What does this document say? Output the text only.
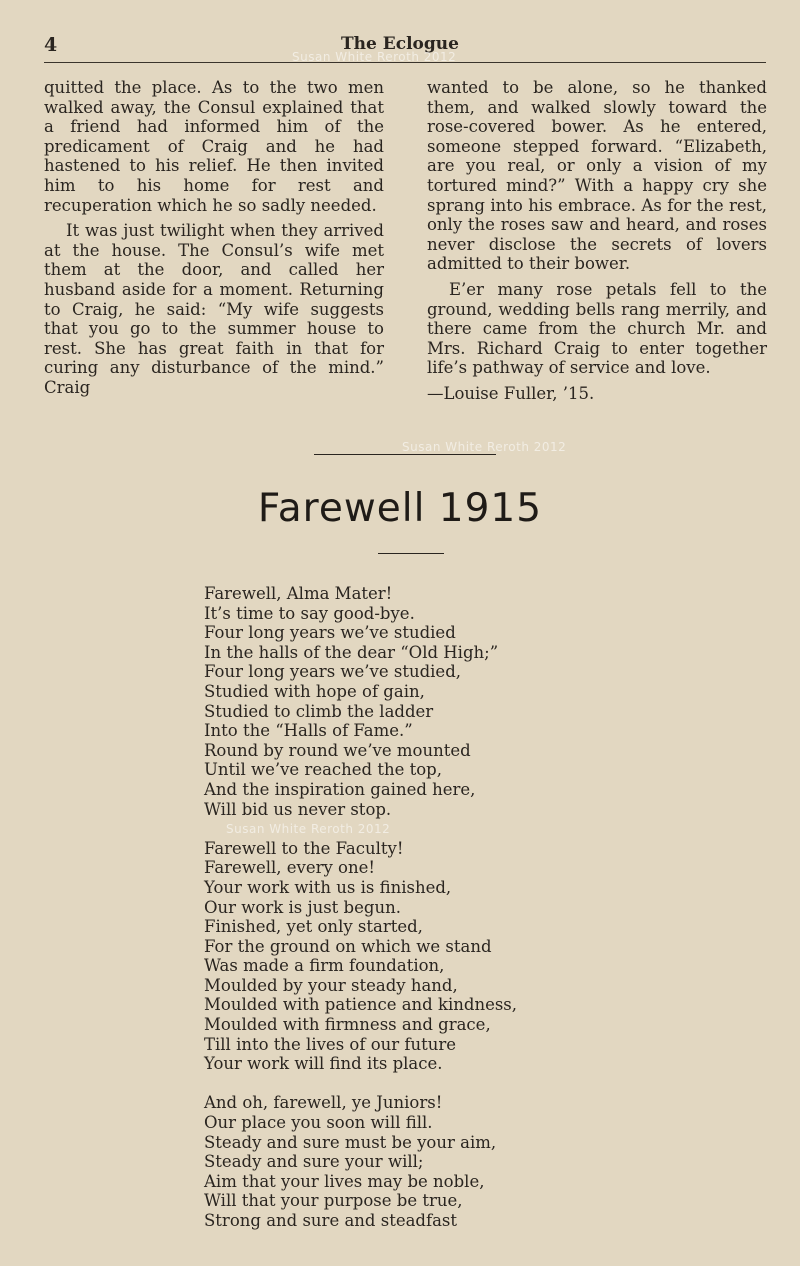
4	The Eclogue
Susan White Reroth 2012
Susan White Reroth 2012
Susan White Reroth 2012

quitted the place. As to the two men walked away, the Consul explained that a friend had informed him of the predicament of Craig and he had hastened to his relief. He then invited him to his home for rest and recuperation which he so sadly needed.

It was just twilight when they arrived at the house. The Consul’s wife met them at the door, and called her husband aside for a moment. Returning to Craig, he said: “My wife suggests that you go to the summer house to rest. She has great faith in that for curing any disturbance of the mind.” Craig

wanted to be alone, so he thanked them, and walked slowly toward the rose-covered bower. As he entered, someone stepped forward. “Elizabeth, are you real, or only a vision of my tortured mind?” With a happy cry she sprang into his embrace. As for the rest, only the roses saw and heard, and roses never disclose the secrets of lovers admitted to their bower.

E’er many rose petals fell to the ground, wedding bells rang merrily, and there came from the church Mr. and Mrs. Richard Craig to enter together life’s pathway of service and love.

—Louise Fuller, ’15.

Farewell 1915
Farewell, Alma Mater!
It’s time to say good-bye.
Four long years we’ve studied
In the halls of the dear “Old High;”
Four long years we’ve studied,
Studied with hope of gain,
Studied to climb the ladder
Into the “Halls of Fame.”
Round by round we’ve mounted
Until we’ve reached the top,
And the inspiration gained here,
Will bid us never stop.
Farewell to the Faculty!
Farewell, every one!
Your work with us is finished,
Our work is just begun.
Finished, yet only started,
For the ground on which we stand
Was made a firm foundation,
Moulded by your steady hand,
Moulded with patience and kindness,
Moulded with firmness and grace,
Till into the lives of our future
Your work will find its place.
And oh, farewell, ye Juniors!
Our place you soon will fill.
Steady and sure must be your aim,
Steady and sure your will;
Aim that your lives may be noble,
Will that your purpose be true,
Strong and sure and steadfast
